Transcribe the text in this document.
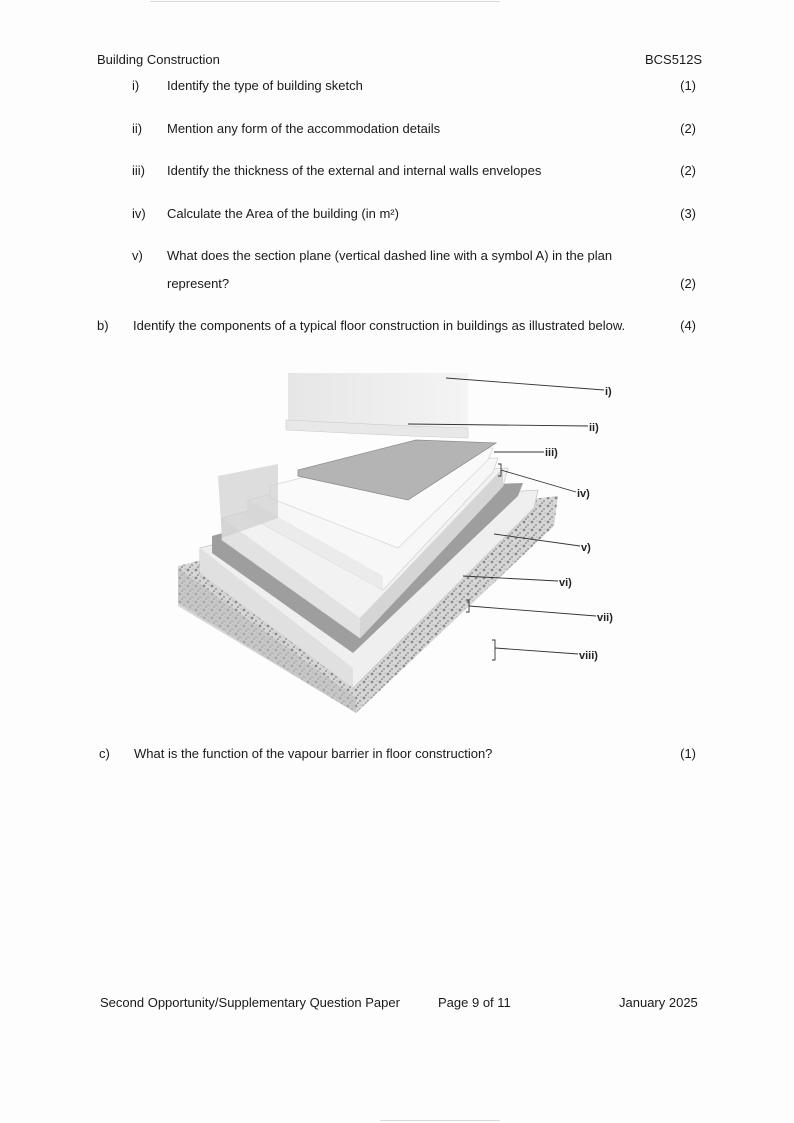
Building Construction	BCS512S
i) Identify the type of building sketch	(1)
ii) Mention any form of the accommodation details	(2)
iii) Identify the thickness of the external and internal walls envelopes	(2)
iv) Calculate the Area of the building (in m²)	(3)
v) What does the section plane (vertical dashed line with a symbol A) in the plan
represent?	(2)
b) Identify the components of a typical floor construction in buildings as illustrated below.	(4)
i)
ii)
iii)
iv)
v)
vi)
vii)
viii)
c) What is the function of the vapour barrier in floor construction?	(1)
Second Opportunity/Supplementary Question Paper	Page 9 of 11	January 2025
